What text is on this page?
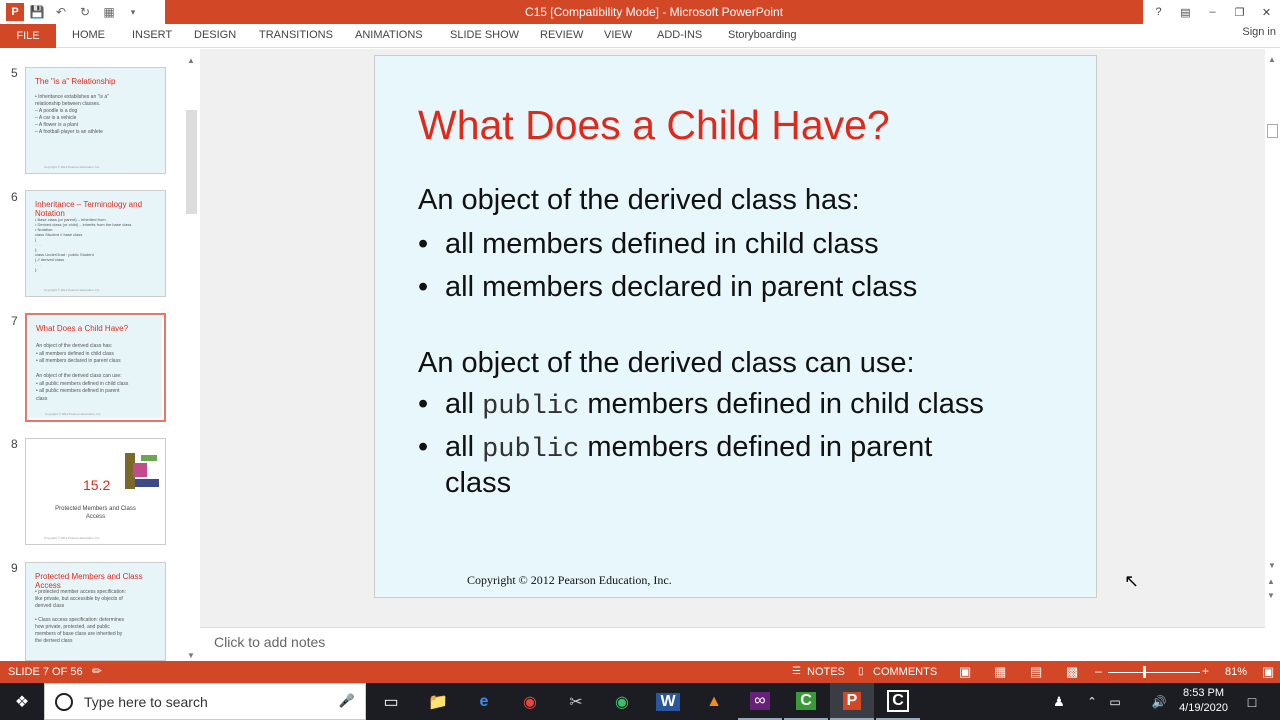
P 💾 ↶	↻	▦	▾	C15 [Compatibility Mode] - Microsoft PowerPoint	?	▤	–	❐	✕
FILE	HOME INSERT DESIGN TRANSITIONS ANIMATIONS SLIDE SHOW REVIEW VIEW ADD-INS Storyboarding	Sign in
5
The "is a" Relationship
• Inheritance establishes an "is a"
relationship between classes.
– A poodle is a dog
– A car is a vehicle
– A flower is a plant
– A football player is an athlete
Copyright © 2012 Pearson Education, Inc.
6
Inheritance – Terminology and Notation
• Base class (or parent) – inherited from
• Derived class (or child) – inherits from the base class
• Notation:
class Student // base class
{
. . .
};
class UnderGrad : public Student
{ // derived class
. . .
};
Copyright © 2012 Pearson Education, Inc.
7
What Does a Child Have?
An object of the derived class has:
• all members defined in child class
• all members declared in parent class

An object of the derived class can use:
• all public members defined in child class
• all public members defined in parent
class
Copyright © 2012 Pearson Education, Inc.
8
15.2
Protected Members and Class
Access
Copyright © 2012 Pearson Education, Inc.
9
Protected Members and Class Access
• protected member access specification:
like private, but accessible by objects of
derived class

• Class access specification: determines
how private, protected, and public
members of base class are inherited by
the derived class
▲
▼
What Does a Child Have?
An object of the derived class has:
• all members defined in child class
• all members declared in parent class
An object of the derived class can use:
• all public members defined in child class
• all public members defined in parent
class
Copyright © 2012 Pearson Education, Inc.
▲
▼
▲
▼
↖
Click to add notes
SLIDE 7 OF 56 ✏	☰ NOTES ▯ COMMENTS ▣ ▦ ▤ ▩ –	+ 81% ▣
❖	Type here to search	🎤	▭	📁	e	◉	✂	◉	W	▲	∞ C P	C	♟	⌃	▭	🔊
8:53 PM
4/19/2020	□
